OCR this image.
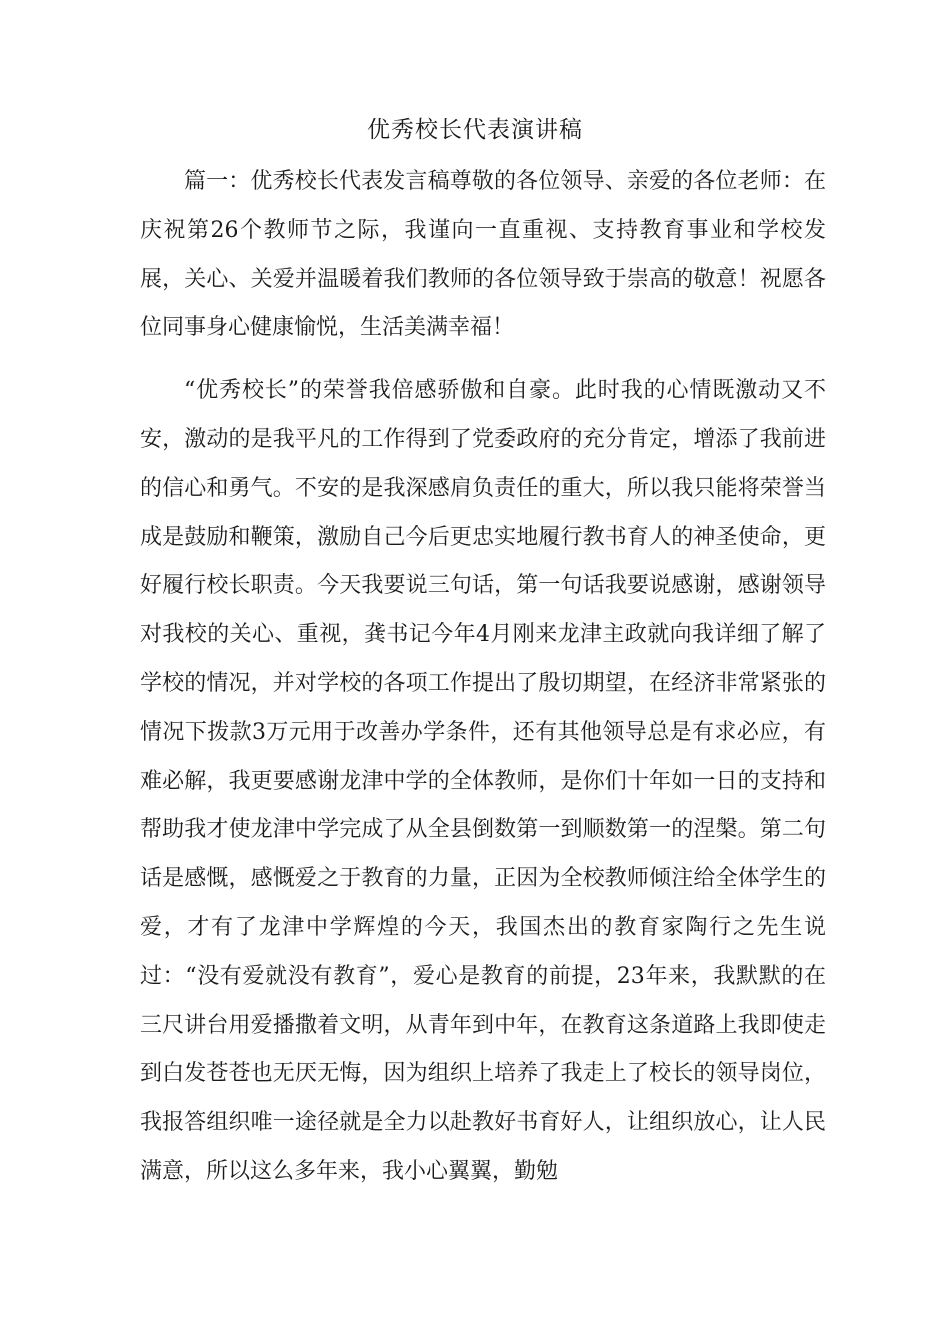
优秀校长代表演讲稿

篇一：优秀校长代表发言稿尊敬的各位领导、亲爱的各位老师：在庆祝第26个教师节之际，我谨向一直重视、支持教育事业和学校发展，关心、关爱并温暖着我们教师的各位领导致于崇高的敬意！祝愿各位同事身心健康愉悦，生活美满幸福！

“优秀校长”的荣誉我倍感骄傲和自豪。此时我的心情既激动又不安，激动的是我平凡的工作得到了党委政府的充分肯定，增添了我前进的信心和勇气。不安的是我深感肩负责任的重大，所以我只能将荣誉当成是鼓励和鞭策，激励自己今后更忠实地履行教书育人的神圣使命，更好履行校长职责。今天我要说三句话，第一句话我要说感谢，感谢领导对我校的关心、重视，龚书记今年4月刚来龙津主政就向我详细了解了学校的情况，并对学校的各项工作提出了殷切期望，在经济非常紧张的情况下拨款3万元用于改善办学条件，还有其他领导总是有求必应，有难必解，我更要感谢龙津中学的全体教师，是你们十年如一日的支持和帮助我才使龙津中学完成了从全县倒数第一到顺数第一的涅槃。第二句话是感慨，感慨爱之于教育的力量，正因为全校教师倾注给全体学生的爱，才有了龙津中学辉煌的今天，我国杰出的教育家陶行之先生说过：“没有爱就没有教育”，爱心是教育的前提，23年来，我默默的在三尺讲台用爱播撒着文明，从青年到中年，在教育这条道路上我即使走到白发苍苍也无厌无悔，因为组织上培养了我走上了校长的领导岗位，我报答组织唯一途径就是全力以赴教好书育好人，让组织放心，让人民满意，所以这么多年来，我小心翼翼，勤勉
